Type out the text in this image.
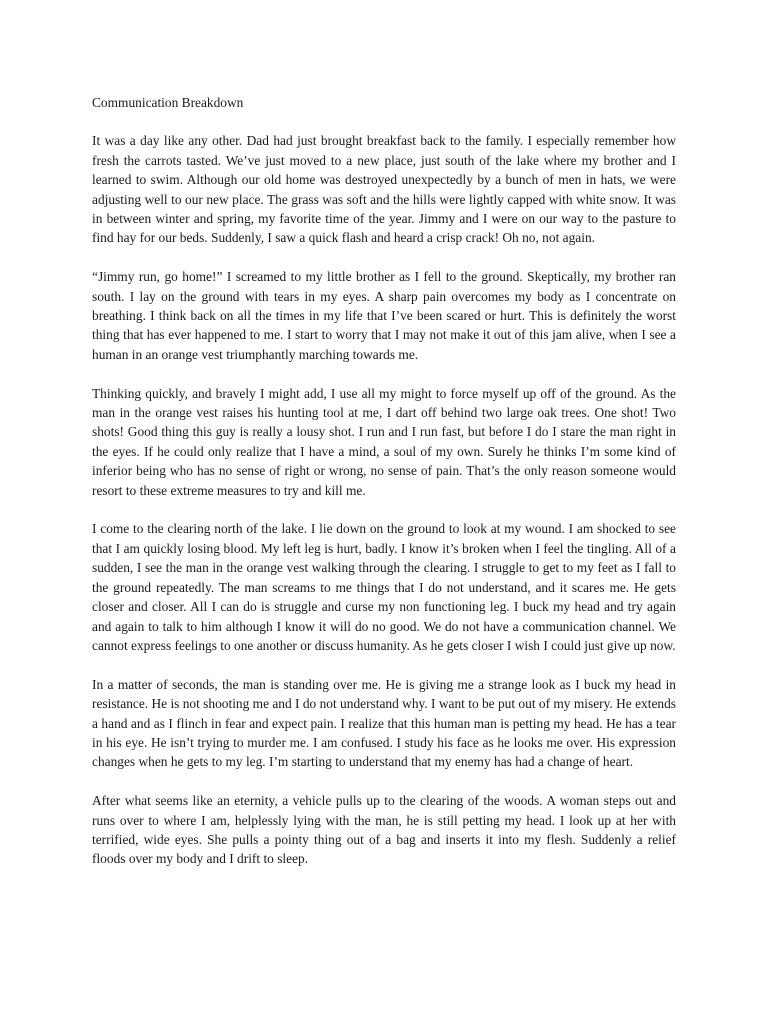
Communication Breakdown

It was a day like any other. Dad had just brought breakfast back to the family. I especially remember how fresh the carrots tasted. We’ve just moved to a new place, just south of the lake where my brother and I learned to swim. Although our old home was destroyed unexpectedly by a bunch of men in hats, we were adjusting well to our new place. The grass was soft and the hills were lightly capped with white snow. It was in between winter and spring, my favorite time of the year. Jimmy and I were on our way to the pasture to find hay for our beds. Suddenly, I saw a quick flash and heard a crisp crack! Oh no, not again.

“Jimmy run, go home!” I screamed to my little brother as I fell to the ground. Skeptically, my brother ran south. I lay on the ground with tears in my eyes. A sharp pain overcomes my body as I concentrate on breathing. I think back on all the times in my life that I’ve been scared or hurt. This is definitely the worst thing that has ever happened to me. I start to worry that I may not make it out of this jam alive, when I see a human in an orange vest triumphantly marching towards me.

Thinking quickly, and bravely I might add, I use all my might to force myself up off of the ground. As the man in the orange vest raises his hunting tool at me, I dart off behind two large oak trees. One shot! Two shots! Good thing this guy is really a lousy shot. I run and I run fast, but before I do I stare the man right in the eyes. If he could only realize that I have a mind, a soul of my own. Surely he thinks I’m some kind of inferior being who has no sense of right or wrong, no sense of pain. That’s the only reason someone would resort to these extreme measures to try and kill me.

I come to the clearing north of the lake. I lie down on the ground to look at my wound. I am shocked to see that I am quickly losing blood. My left leg is hurt, badly. I know it’s broken when I feel the tingling. All of a sudden, I see the man in the orange vest walking through the clearing. I struggle to get to my feet as I fall to the ground repeatedly. The man screams to me things that I do not understand, and it scares me. He gets closer and closer. All I can do is struggle and curse my non functioning leg. I buck my head and try again and again to talk to him although I know it will do no good. We do not have a communication channel. We cannot express feelings to one another or discuss humanity. As he gets closer I wish I could just give up now.

In a matter of seconds, the man is standing over me. He is giving me a strange look as I buck my head in resistance. He is not shooting me and I do not understand why. I want to be put out of my misery. He extends a hand and as I flinch in fear and expect pain. I realize that this human man is petting my head. He has a tear in his eye. He isn’t trying to murder me. I am confused. I study his face as he looks me over. His expression changes when he gets to my leg. I’m starting to understand that my enemy has had a change of heart.

After what seems like an eternity, a vehicle pulls up to the clearing of the woods. A woman steps out and runs over to where I am, helplessly lying with the man, he is still petting my head. I look up at her with terrified, wide eyes. She pulls a pointy thing out of a bag and inserts it into my flesh. Suddenly a relief floods over my body and I drift to sleep.
